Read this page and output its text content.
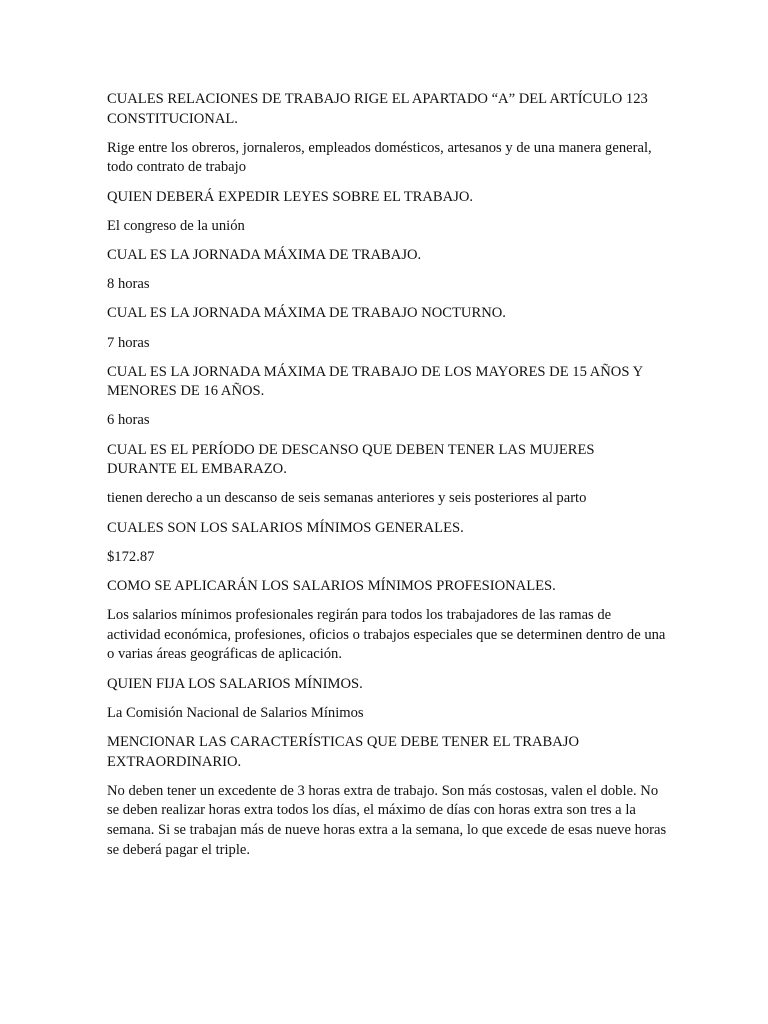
CUALES RELACIONES DE TRABAJO RIGE EL APARTADO “A” DEL ARTÍCULO 123 CONSTITUCIONAL.

Rige entre los obreros, jornaleros, empleados domésticos, artesanos y de una manera general, todo contrato de trabajo

QUIEN DEBERÁ EXPEDIR LEYES SOBRE EL TRABAJO.

El congreso de la unión

CUAL ES LA JORNADA MÁXIMA DE TRABAJO.

8 horas

CUAL ES LA JORNADA MÁXIMA DE TRABAJO NOCTURNO.

7 horas

CUAL ES LA JORNADA MÁXIMA DE TRABAJO DE LOS MAYORES DE 15 AÑOS Y MENORES DE 16 AÑOS.

6 horas

CUAL ES EL PERÍODO DE DESCANSO QUE DEBEN TENER LAS MUJERES DURANTE EL EMBARAZO.

tienen derecho a un descanso de seis semanas anteriores y seis posteriores al parto

CUALES SON LOS SALARIOS MÍNIMOS GENERALES.

$172.87

COMO SE APLICARÁN LOS SALARIOS MÍNIMOS PROFESIONALES.

Los salarios mínimos profesionales regirán para todos los trabajadores de las ramas de actividad económica, profesiones, oficios o trabajos especiales que se determinen dentro de una o varias áreas geográficas de aplicación.

QUIEN FIJA LOS SALARIOS MÍNIMOS.

La Comisión Nacional de Salarios Mínimos

MENCIONAR LAS CARACTERÍSTICAS QUE DEBE TENER EL TRABAJO EXTRAORDINARIO.

No deben tener un excedente de 3 horas extra de trabajo. Son más costosas, valen el doble. No se deben realizar horas extra todos los días, el máximo de días con horas extra son tres a la semana. Si se trabajan más de nueve horas extra a la semana, lo que excede de esas nueve horas se deberá pagar el triple.
